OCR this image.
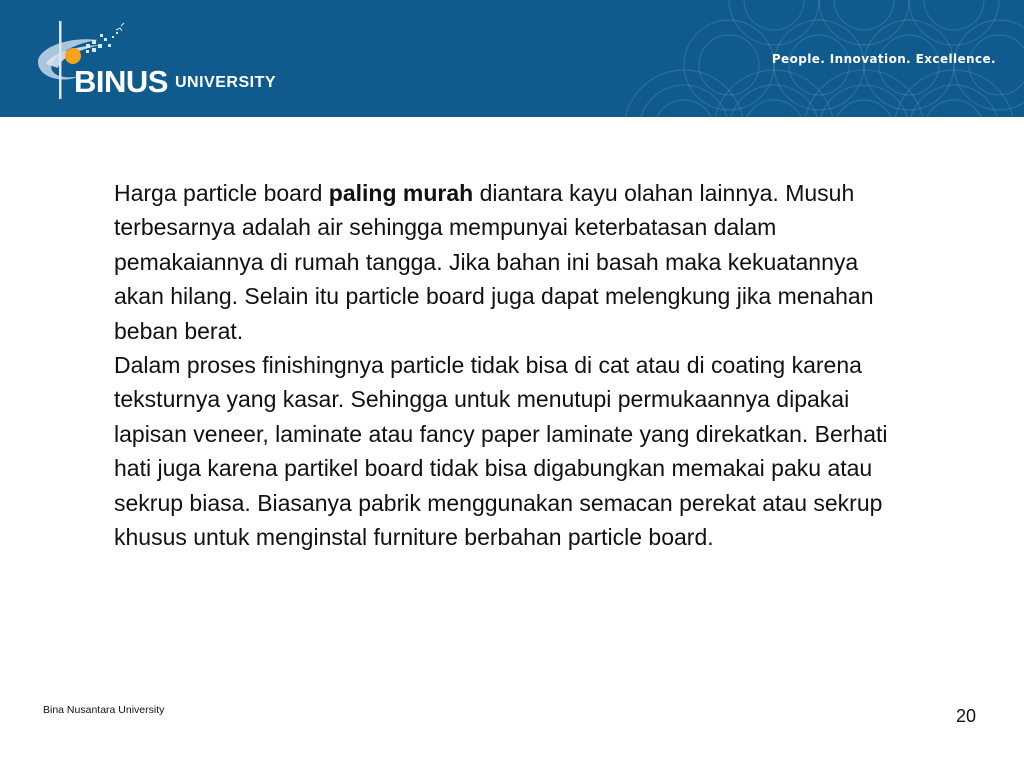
BINUS UNIVERSITY
People. Innovation. Excellence.

Harga particle board paling murah diantara kayu olahan lainnya. Musuh terbesarnya adalah air sehingga mempunyai keterbatasan dalam pemakaiannya di rumah tangga. Jika bahan ini basah maka kekuatannya akan hilang. Selain itu particle board juga dapat melengkung jika menahan beban berat.

Dalam proses finishingnya particle tidak bisa di cat atau di coating karena teksturnya yang kasar. Sehingga untuk menutupi permukaannya dipakai lapisan veneer, laminate atau fancy paper laminate yang direkatkan. Berhati hati juga karena partikel board tidak bisa digabungkan memakai paku atau sekrup biasa. Biasanya pabrik menggunakan semacan perekat atau sekrup khusus untuk menginstal furniture berbahan particle board.

Bina Nusantara University	20
